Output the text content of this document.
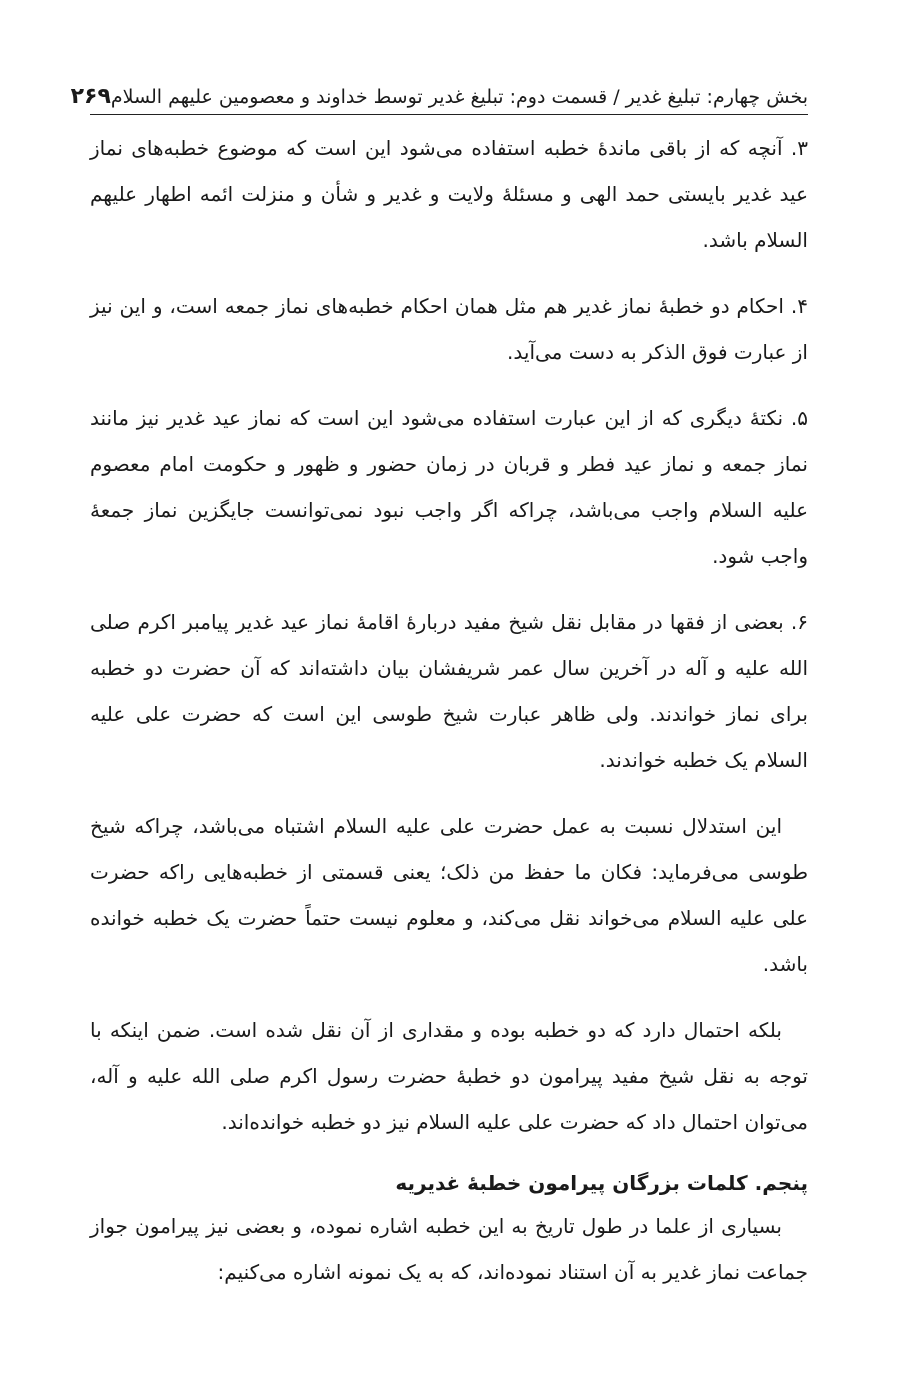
بخش چهارم: تبلیغ غدیر / قسمت دوم: تبلیغ غدیر توسط خداوند و معصومین علیهم السلام
۲۶۹

۳. آنچه که از باقی ماندهٔ خطبه استفاده می‌شود این است که موضوع خطبه‌های نماز عید غدیر بایستی حمد الهی و مسئلهٔ ولایت و غدیر و شأن و منزلت ائمه اطهار علیهم السلام باشد.

۴. احکام دو خطبهٔ نماز غدیر هم مثل همان احکام خطبه‌های نماز جمعه است، و این نیز از عبارت فوق الذکر به دست می‌آید.

۵. نکتهٔ دیگری که از این عبارت استفاده می‌شود این است که نماز عید غدیر نیز مانند نماز جمعه و نماز عید فطر و قربان در زمان حضور و ظهور و حکومت امام معصوم علیه السلام واجب می‌باشد، چراکه اگر واجب نبود نمی‌توانست جایگزین نماز جمعهٔ واجب شود.

۶. بعضی از فقها در مقابل نقل شیخ مفید دربارهٔ اقامهٔ نماز عید غدیر پیامبر اکرم صلی الله علیه و آله در آخرین سال عمر شریفشان بیان داشته‌اند که آن حضرت دو خطبه برای نماز خواندند. ولی ظاهر عبارت شیخ طوسی این است که حضرت علی علیه السلام یک خطبه خواندند.

این استدلال نسبت به عمل حضرت علی علیه السلام اشتباه می‌باشد، چراکه شیخ طوسی می‌فرماید: فکان ما حفظ من ذلک؛ یعنی قسمتی از خطبه‌هایی راکه حضرت علی علیه السلام می‌خواند نقل می‌کند، و معلوم نیست حتماً حضرت یک خطبه خوانده باشد.

بلکه احتمال دارد که دو خطبه بوده و مقداری از آن نقل شده است. ضمن اینکه با توجه به نقل شیخ مفید پیرامون دو خطبهٔ حضرت رسول اکرم صلی الله علیه و آله، می‌توان احتمال داد که حضرت علی علیه السلام نیز دو خطبه خوانده‌اند.

پنجم. کلمات بزرگان پیرامون خطبهٔ غدیریه

بسیاری از علما در طول تاریخ به این خطبه اشاره نموده، و بعضی نیز پیرامون جواز جماعت نماز غدیر به آن استناد نموده‌اند، که به یک نمونه اشاره می‌کنیم:
